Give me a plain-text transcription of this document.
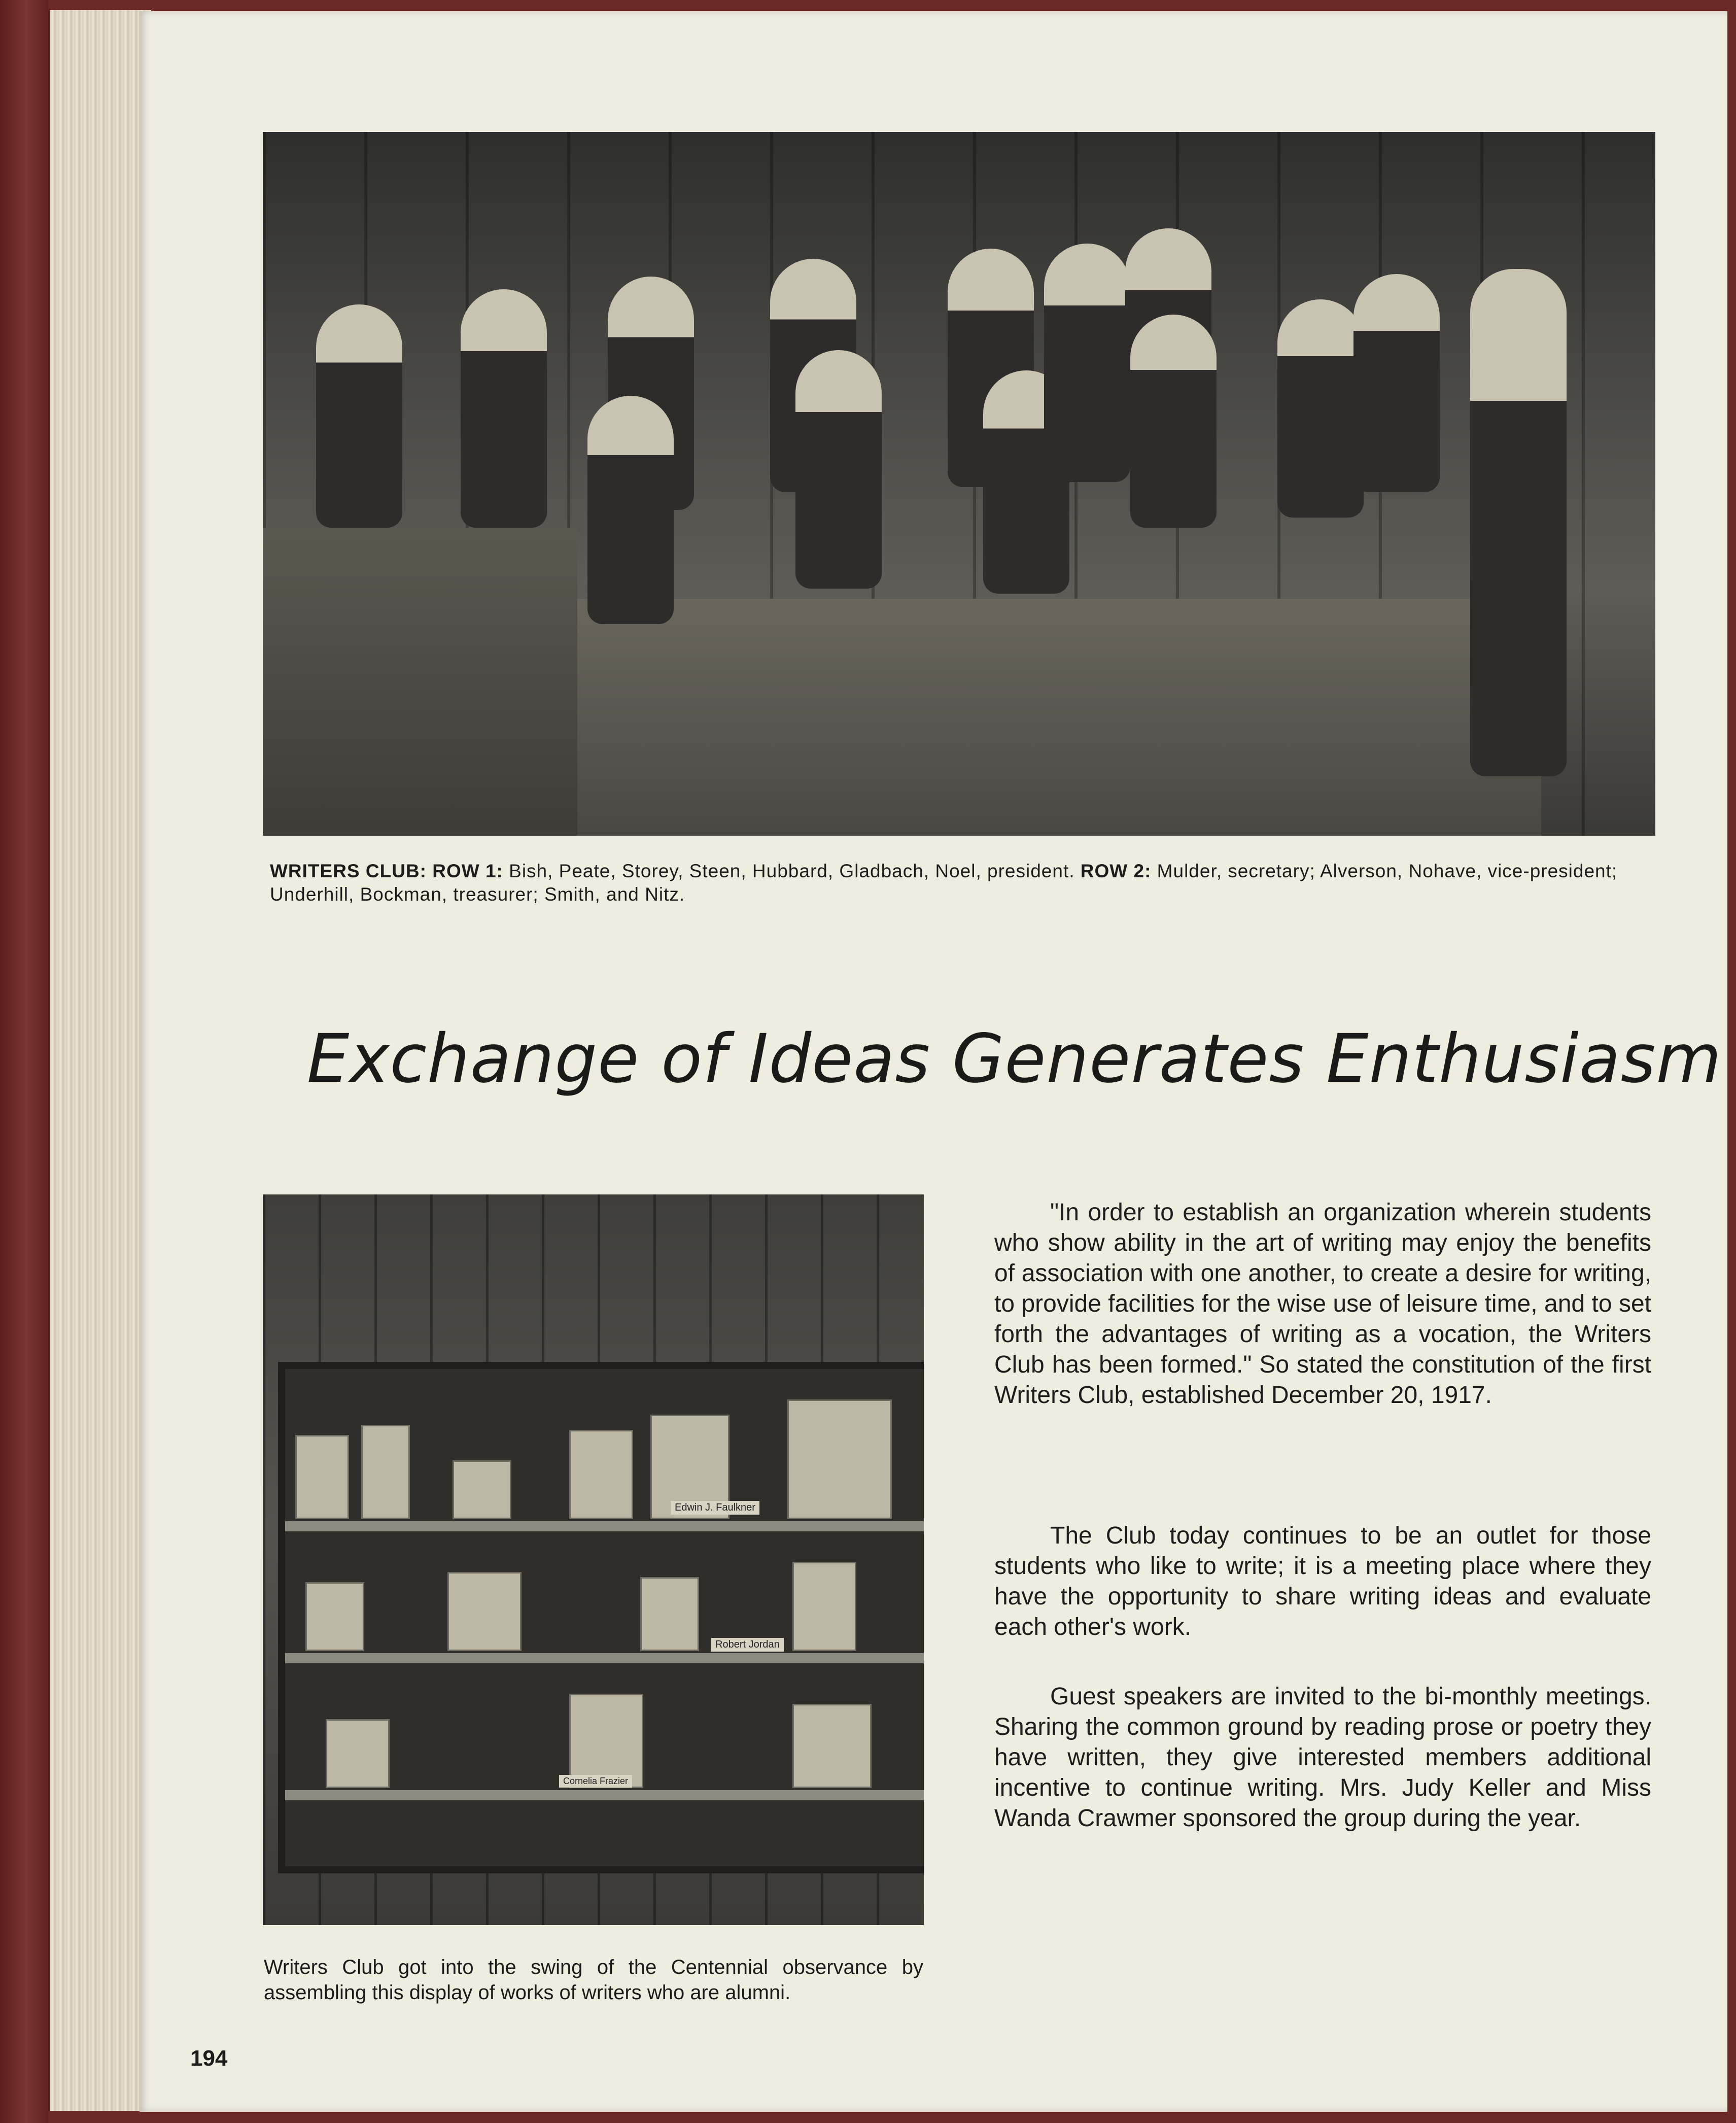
WRITERS CLUB: ROW 1: Bish, Peate, Storey, Steen, Hubbard, Gladbach, Noel, president. ROW 2: Mulder, secretary; Alverson, Nohave, vice-president; Underhill, Bockman, treasurer; Smith, and Nitz.
Exchange of Ideas Generates Enthusiasm
Edwin J. Faulkner
Robert Jordan
Cornelia Frazier
"In order to establish an organization wherein students who show ability in the art of writing may enjoy the benefits of association with one another, to create a desire for writing, to provide facilities for the wise use of leisure time, and to set forth the advantages of writing as a vocation, the Writers Club has been formed." So stated the constitution of the first Writers Club, established December 20, 1917.
The Club today continues to be an outlet for those students who like to write; it is a meeting place where they have the opportunity to share writing ideas and evaluate each other's work.
Guest speakers are invited to the bi-monthly meetings. Sharing the common ground by reading prose or poetry they have written, they give interested members additional incentive to continue writing. Mrs. Judy Keller and Miss Wanda Crawmer sponsored the group during the year.
Writers Club got into the swing of the Centennial observance by assembling this display of works of writers who are alumni.
194
